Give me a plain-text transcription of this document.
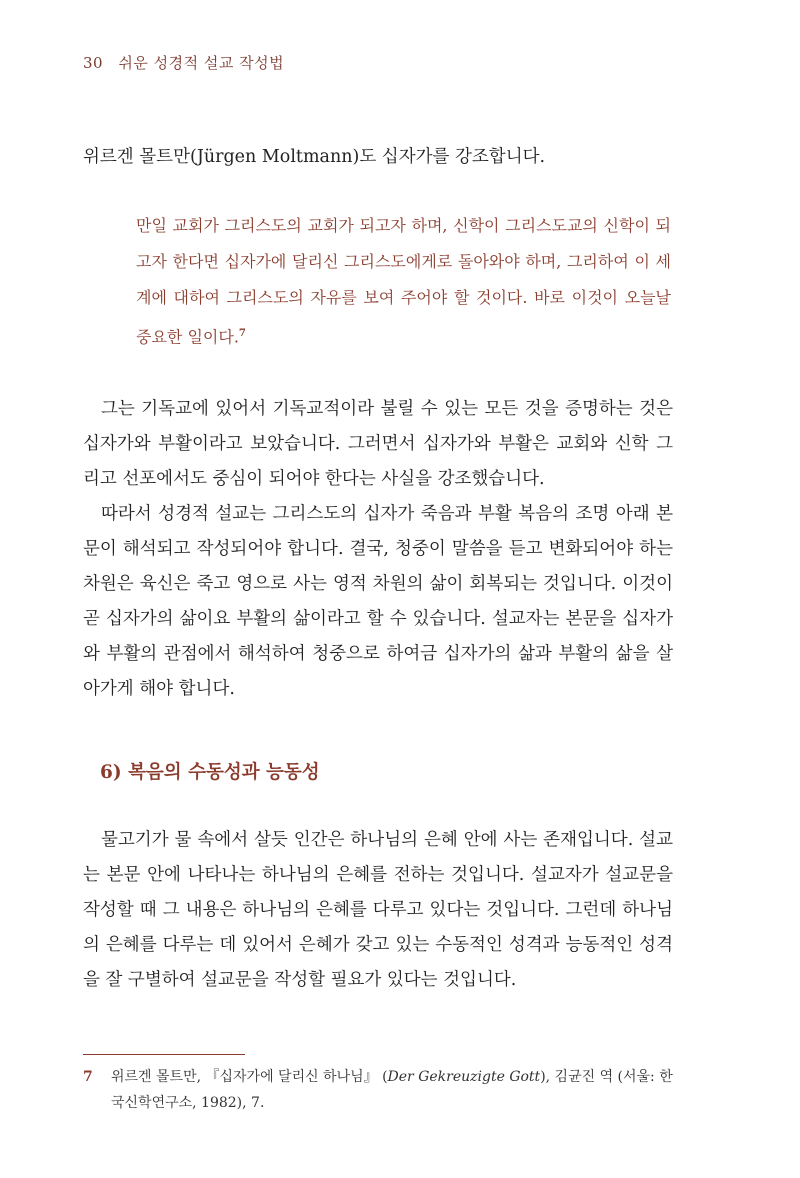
30 쉬운 성경적 설교 작성법

위르겐 몰트만(Jürgen Moltmann)도 십자가를 강조합니다.

만일 교회가 그리스도의 교회가 되고자 하며, 신학이 그리스도교의 신학이 되고자 한다면 십자가에 달리신 그리스도에게로 돌아와야 하며, 그리하여 이 세계에 대하여 그리스도의 자유를 보여 주어야 할 것이다. 바로 이것이 오늘날 중요한 일이다.$^7$

그는 기독교에 있어서 기독교적이라 불릴 수 있는 모든 것을 증명하는 것은 십자가와 부활이라고 보았습니다. 그러면서 십자가와 부활은 교회와 신학 그리고 선포에서도 중심이 되어야 한다는 사실을 강조했습니다.

따라서 성경적 설교는 그리스도의 십자가 죽음과 부활 복음의 조명 아래 본문이 해석되고 작성되어야 합니다. 결국, 청중이 말씀을 듣고 변화되어야 하는 차원은 육신은 죽고 영으로 사는 영적 차원의 삶이 회복되는 것입니다. 이것이 곧 십자가의 삶이요 부활의 삶이라고 할 수 있습니다. 설교자는 본문을 십자가와 부활의 관점에서 해석하여 청중으로 하여금 십자가의 삶과 부활의 삶을 살아가게 해야 합니다.

6) 복음의 수동성과 능동성

물고기가 물 속에서 살듯 인간은 하나님의 은혜 안에 사는 존재입니다. 설교는 본문 안에 나타나는 하나님의 은혜를 전하는 것입니다. 설교자가 설교문을 작성할 때 그 내용은 하나님의 은혜를 다루고 있다는 것입니다. 그런데 하나님의 은혜를 다루는 데 있어서 은혜가 갖고 있는 수동적인 성격과 능동적인 성격을 잘 구별하여 설교문을 작성할 필요가 있다는 것입니다.

7 위르겐 몰트만, 『십자가에 달리신 하나님』 (Der Gekreuzigte Gott), 김균진 역 (서울: 한
국신학연구소, 1982), 7.
